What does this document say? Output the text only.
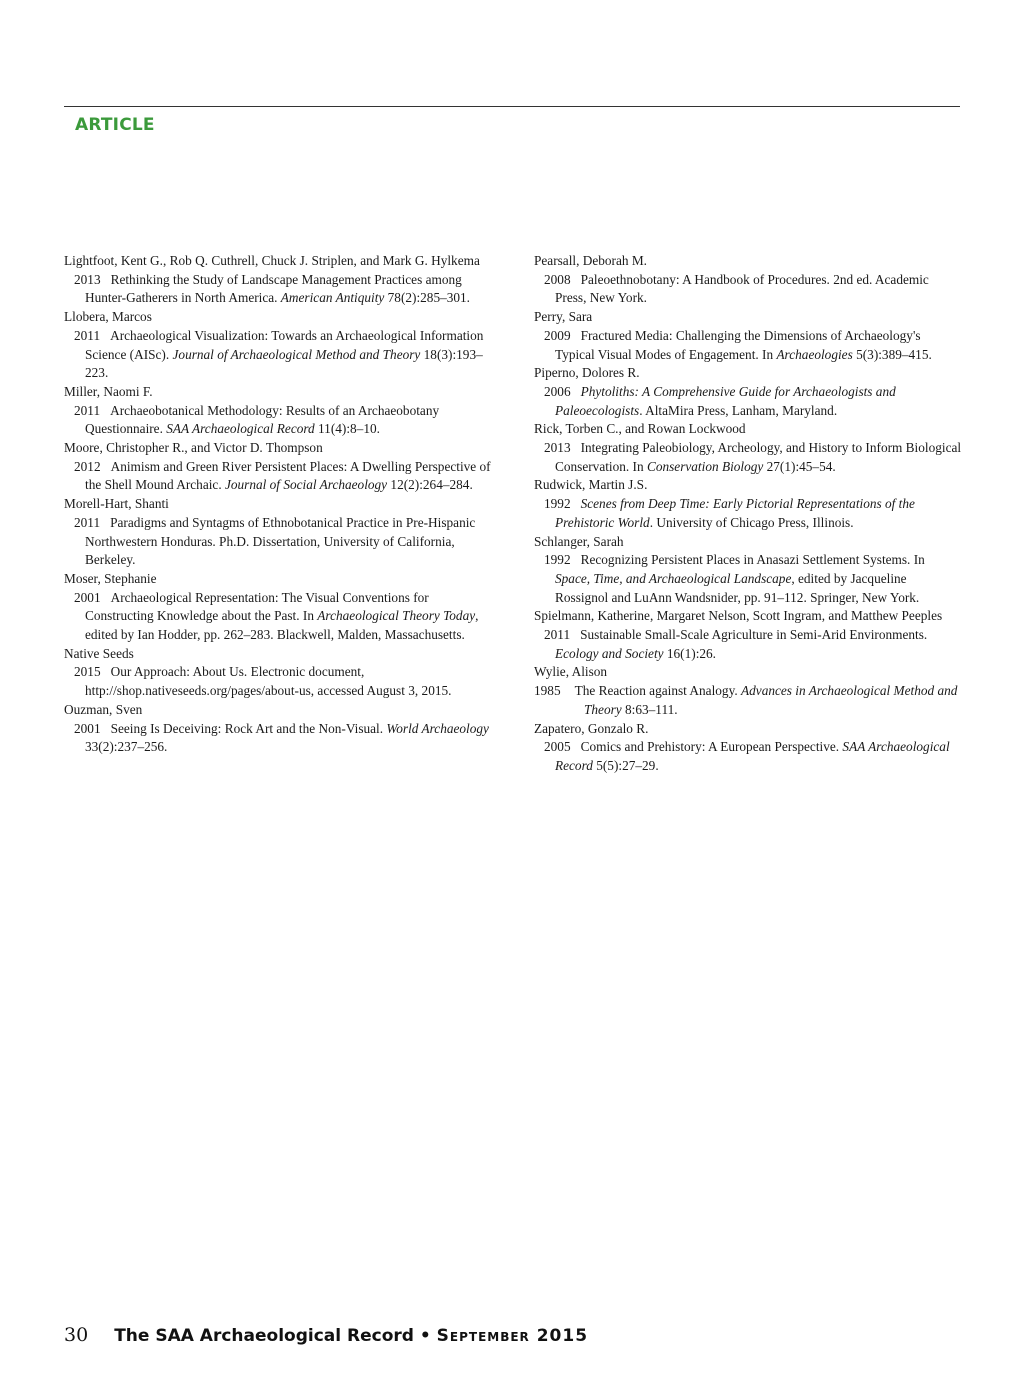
ARTICLE

Lightfoot, Kent G., Rob Q. Cuthrell, Chuck J. Striplen, and Mark G. Hylkema

2013 Rethinking the Study of Landscape Management Practices among Hunter-Gatherers in North America. American Antiquity 78(2):285–301.

Llobera, Marcos

2011 Archaeological Visualization: Towards an Archaeological Information Science (AISc). Journal of Archaeological Method and Theory 18(3):193–223.

Miller, Naomi F.

2011 Archaeobotanical Methodology: Results of an Archaeobotany Questionnaire. SAA Archaeological Record 11(4):8–10.

Moore, Christopher R., and Victor D. Thompson

2012 Animism and Green River Persistent Places: A Dwelling Perspective of the Shell Mound Archaic. Journal of Social Archaeology 12(2):264–284.

Morell-Hart, Shanti

2011 Paradigms and Syntagms of Ethnobotanical Practice in Pre-Hispanic Northwestern Honduras. Ph.D. Dissertation, University of California, Berkeley.

Moser, Stephanie

2001 Archaeological Representation: The Visual Conventions for Constructing Knowledge about the Past. In Archaeological Theory Today, edited by Ian Hodder, pp. 262–283. Blackwell, Malden, Massachusetts.

Native Seeds

2015 Our Approach: About Us. Electronic document, http://shop.nativeseeds.org/pages/about-us, accessed August 3, 2015.

Ouzman, Sven

2001 Seeing Is Deceiving: Rock Art and the Non-Visual. World Archaeology 33(2):237–256.

Pearsall, Deborah M.

2008 Paleoethnobotany: A Handbook of Procedures. 2nd ed. Academic Press, New York.

Perry, Sara

2009 Fractured Media: Challenging the Dimensions of Archaeology's Typical Visual Modes of Engagement. In Archaeologies 5(3):389–415.

Piperno, Dolores R.

2006 Phytoliths: A Comprehensive Guide for Archaeologists and Paleoecologists. AltaMira Press, Lanham, Maryland.

Rick, Torben C., and Rowan Lockwood

2013 Integrating Paleobiology, Archeology, and History to Inform Biological Conservation. In Conservation Biology 27(1):45–54.

Rudwick, Martin J.S.

1992 Scenes from Deep Time: Early Pictorial Representations of the Prehistoric World. University of Chicago Press, Illinois.

Schlanger, Sarah

1992 Recognizing Persistent Places in Anasazi Settlement Systems. In Space, Time, and Archaeological Landscape, edited by Jacqueline Rossignol and LuAnn Wandsnider, pp. 91–112. Springer, New York.

Spielmann, Katherine, Margaret Nelson, Scott Ingram, and Matthew Peeples

2011 Sustainable Small-Scale Agriculture in Semi-Arid Environments. Ecology and Society 16(1):26.

Wylie, Alison

1985 The Reaction against Analogy. Advances in Archaeological Method and Theory 8:63–111.

Zapatero, Gonzalo R.

2005 Comics and Prehistory: A European Perspective. SAA Archaeological Record 5(5):27–29.

30 The SAA Archaeological Record • September 2015
